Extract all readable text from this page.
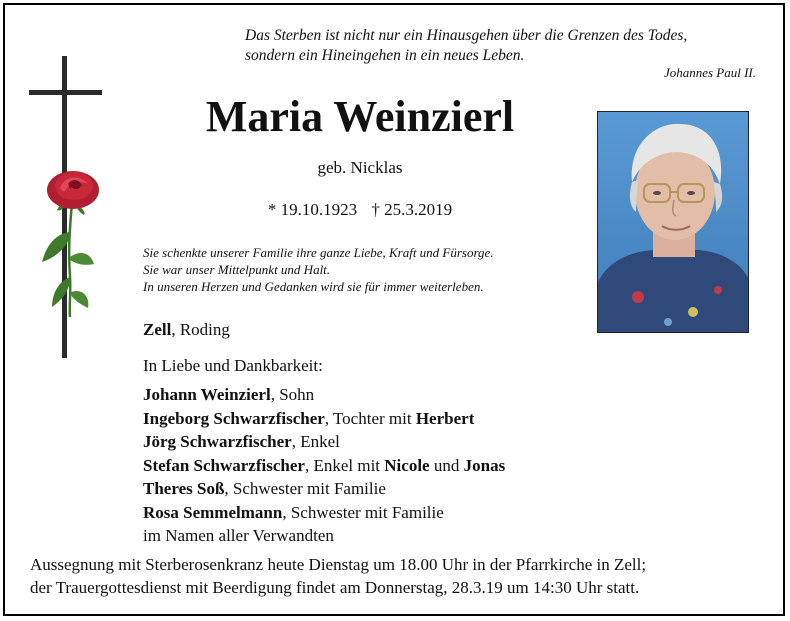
Das Sterben ist nicht nur ein Hinausgehen über die Grenzen des Todes,
sondern ein Hineingehen in ein neues Leben.
Johannes Paul II.
Maria Weinzierl
geb. Nicklas
* 19.10.1923 † 25.3.2019
Sie schenkte unserer Familie ihre ganze Liebe, Kraft und Fürsorge.
Sie war unser Mittelpunkt und Halt.
In unseren Herzen und Gedanken wird sie für immer weiterleben.
Zell, Roding
In Liebe und Dankbarkeit:
Johann Weinzierl, Sohn
Ingeborg Schwarzfischer, Tochter mit Herbert
Jörg Schwarzfischer, Enkel
Stefan Schwarzfischer, Enkel mit Nicole und Jonas
Theres Soß, Schwester mit Familie
Rosa Semmelmann, Schwester mit Familie
im Namen aller Verwandten
Aussegnung mit Sterberosenkranz heute Dienstag um 18.00 Uhr in der Pfarrkirche in Zell;
der Trauergottesdienst mit Beerdigung findet am Donnerstag, 28.3.19 um 14:30 Uhr statt.
